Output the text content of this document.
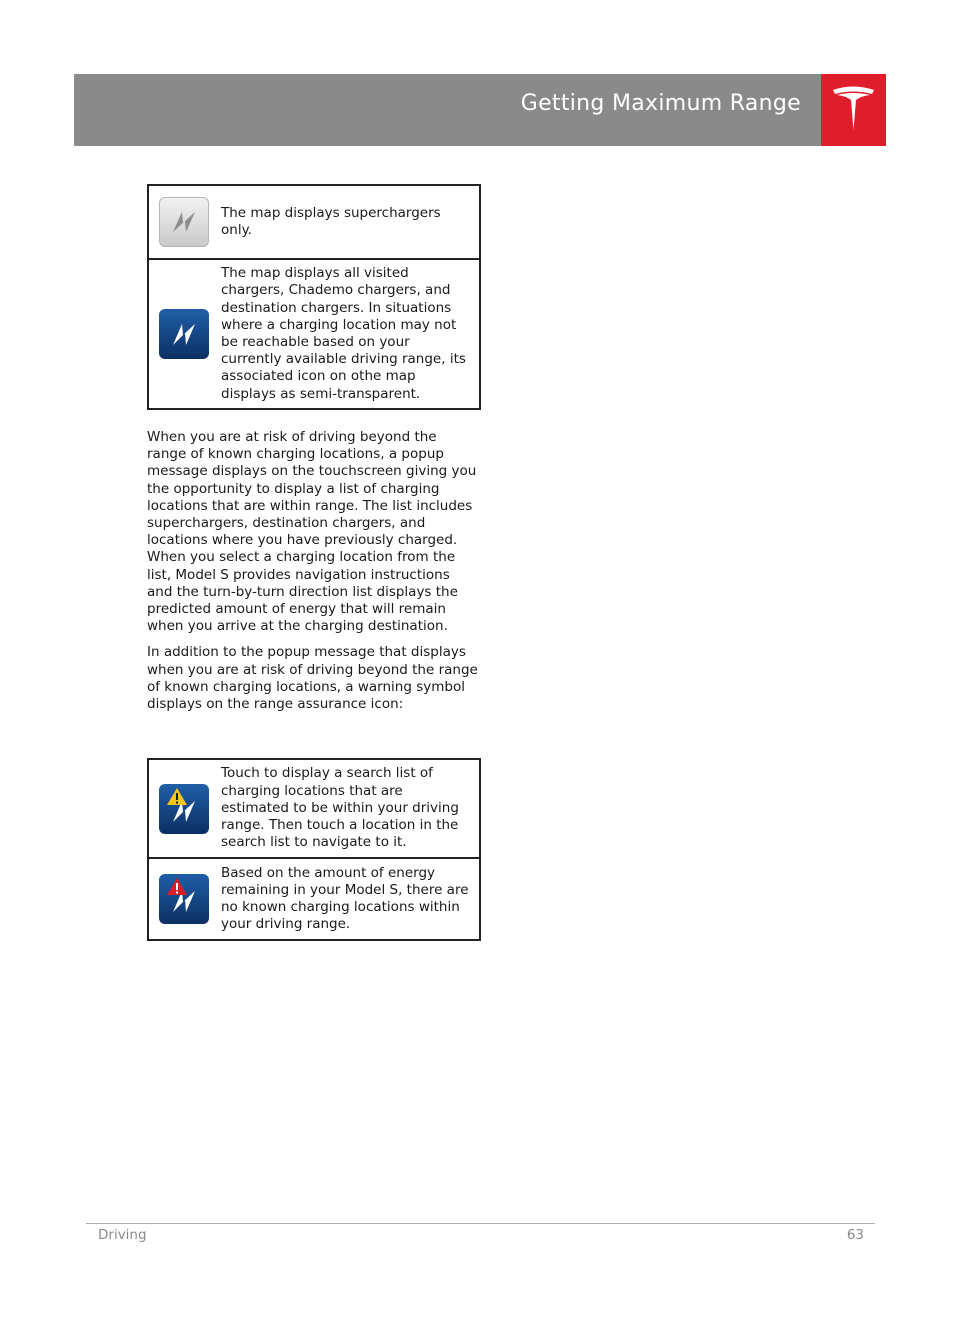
Getting Maximum Range
The map displays superchargers only.
The map displays all visited chargers, Chademo chargers, and destination chargers. In situations where a charging location may not be reachable based on your currently available driving range, its associated icon on othe map displays as semi-transparent.

When you are at risk of driving beyond the range of known charging locations, a popup message displays on the touchscreen giving you the opportunity to display a list of charging locations that are within range. The list includes superchargers, destination chargers, and locations where you have previously charged. When you select a charging location from the list, Model S provides navigation instructions and the turn-by-turn direction list displays the predicted amount of energy that will remain when you arrive at the charging destination.

In addition to the popup message that displays when you are at risk of driving beyond the range of known charging locations, a warning symbol displays on the range assurance icon:

Touch to display a search list of charging locations that are estimated to be within your driving range. Then touch a location in the search list to navigate to it.
Based on the amount of energy remaining in your Model S, there are no known charging locations within your driving range.
Driving	63
